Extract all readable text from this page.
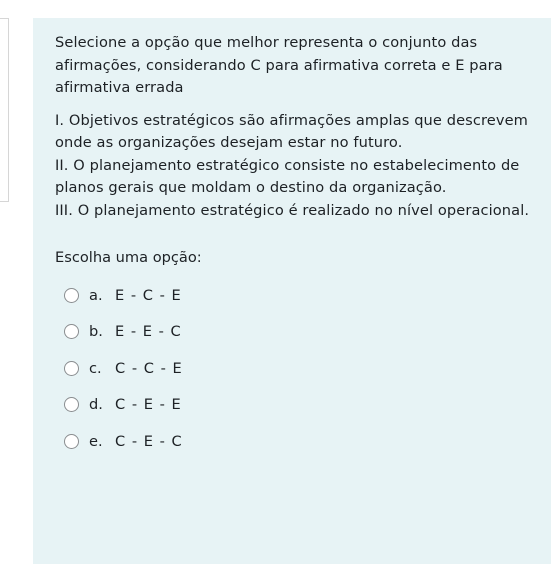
Selecione a opção que melhor representa o conjunto das afirmações, considerando C para afirmativa correta e E para afirmativa errada

I. Objetivos estratégicos são afirmações amplas que descrevem onde as organizações desejam estar no futuro.

II. O planejamento estratégico consiste no estabelecimento de planos gerais que moldam o destino da organização.

III. O planejamento estratégico é realizado no nível operacional.

Escolha uma opção:
a. E - C - E
b. E - E - C
c. C - C - E
d. C - E - E
e. C - E - C
